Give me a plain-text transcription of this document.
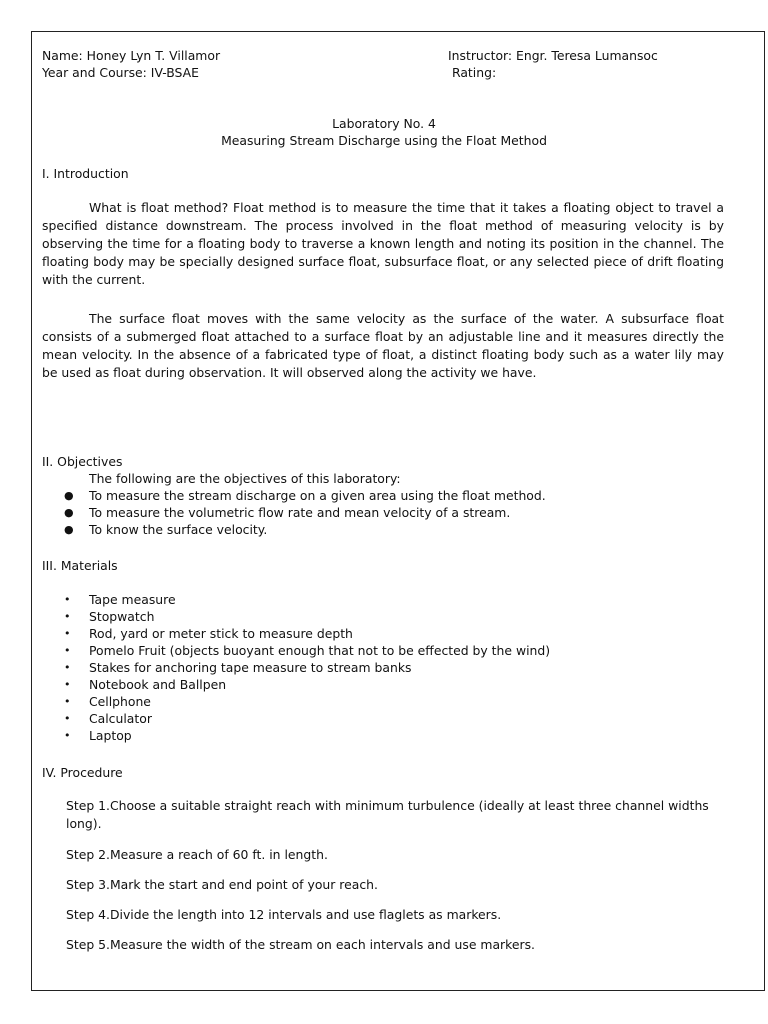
Name: Honey Lyn T. Villamor
Year and Course: IV-BSAE
Instructor: Engr. Teresa Lumansoc
Rating:
Laboratory No. 4
Measuring Stream Discharge using the Float Method
I. Introduction
What is float method? Float method is to measure the time that it takes a floating object to travel a specified distance downstream. The process involved in the float method of measuring velocity is by observing the time for a floating body to traverse a known length and noting its position in the channel. The floating body may be specially designed surface float, subsurface float, or any selected piece of drift floating with the current.
The surface float moves with the same velocity as the surface of the water. A subsurface float consists of a submerged float attached to a surface float by an adjustable line and it measures directly the mean velocity. In the absence of a fabricated type of float, a distinct floating body such as a water lily may be used as float during observation. It will observed along the activity we have.
II. Objectives
The following are the objectives of this laboratory:
● To measure the stream discharge on a given area using the float method.
● To measure the volumetric flow rate and mean velocity of a stream.
● To know the surface velocity.
III. Materials
• Tape measure
• Stopwatch
• Rod, yard or meter stick to measure depth
• Pomelo Fruit (objects buoyant enough that not to be effected by the wind)
• Stakes for anchoring tape measure to stream banks
• Notebook and Ballpen
• Cellphone
• Calculator
• Laptop
IV. Procedure
Step 1.Choose a suitable straight reach with minimum turbulence (ideally at least three channel widths long).
Step 2.Measure a reach of 60 ft. in length.
Step 3.Mark the start and end point of your reach.
Step 4.Divide the length into 12 intervals and use flaglets as markers.
Step 5.Measure the width of the stream on each intervals and use markers.
